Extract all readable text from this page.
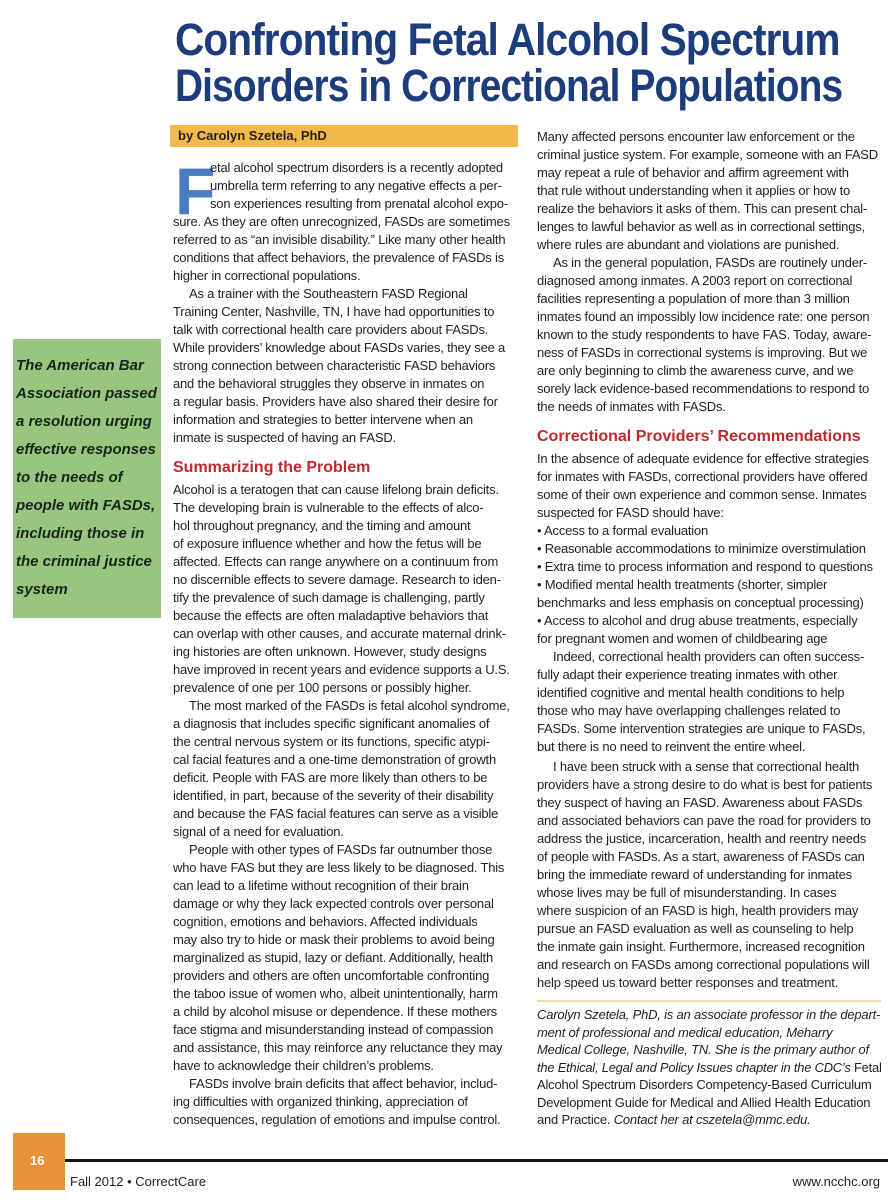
Confronting Fetal Alcohol Spectrum
Disorders in Correctional Populations
by Carolyn Szetela, PhD
The American Bar
Association passed
a resolution urging
effective responses
to the needs of
people with FASDs,
including those in
the criminal justice
system
F
etal alcohol spectrum disorders is a recently adopted
umbrella term referring to any negative effects a per-
son experiences resulting from prenatal alcohol expo-
sure. As they are often unrecognized, FASDs are sometimes
referred to as “an invisible disability.” Like many other health
conditions that affect behaviors, the prevalence of FASDs is
higher in correctional populations.
As a trainer with the Southeastern FASD Regional
Training Center, Nashville, TN, I have had opportunities to
talk with correctional health care providers about FASDs.
While providers’ knowledge about FASDs varies, they see a
strong connection between characteristic FASD behaviors
and the behavioral struggles they observe in inmates on
a regular basis. Providers have also shared their desire for
information and strategies to better intervene when an
inmate is suspected of having an FASD.
Summarizing the Problem
Alcohol is a teratogen that can cause lifelong brain deficits.
The developing brain is vulnerable to the effects of alco-
hol throughout pregnancy, and the timing and amount
of exposure influence whether and how the fetus will be
affected. Effects can range anywhere on a continuum from
no discernible effects to severe damage. Research to iden-
tify the prevalence of such damage is challenging, partly
because the effects are often maladaptive behaviors that
can overlap with other causes, and accurate maternal drink-
ing histories are often unknown. However, study designs
have improved in recent years and evidence supports a U.S.
prevalence of one per 100 persons or possibly higher.
The most marked of the FASDs is fetal alcohol syndrome,
a diagnosis that includes specific significant anomalies of
the central nervous system or its functions, specific atypi-
cal facial features and a one-time demonstration of growth
deficit. People with FAS are more likely than others to be
identified, in part, because of the severity of their disability
and because the FAS facial features can serve as a visible
signal of a need for evaluation.
People with other types of FASDs far outnumber those
who have FAS but they are less likely to be diagnosed. This
can lead to a lifetime without recognition of their brain
damage or why they lack expected controls over personal
cognition, emotions and behaviors. Affected individuals
may also try to hide or mask their problems to avoid being
marginalized as stupid, lazy or defiant. Additionally, health
providers and others are often uncomfortable confronting
the taboo issue of women who, albeit unintentionally, harm
a child by alcohol misuse or dependence. If these mothers
face stigma and misunderstanding instead of compassion
and assistance, this may reinforce any reluctance they may
have to acknowledge their children’s problems.
FASDs involve brain deficits that affect behavior, includ-
ing difficulties with organized thinking, appreciation of
consequences, regulation of emotions and impulse control.
Many affected persons encounter law enforcement or the
criminal justice system. For example, someone with an FASD
may repeat a rule of behavior and affirm agreement with
that rule without understanding when it applies or how to
realize the behaviors it asks of them. This can present chal-
lenges to lawful behavior as well as in correctional settings,
where rules are abundant and violations are punished.
As in the general population, FASDs are routinely under-
diagnosed among inmates. A 2003 report on correctional
facilities representing a population of more than 3 million
inmates found an impossibly low incidence rate: one person
known to the study respondents to have FAS. Today, aware-
ness of FASDs in correctional systems is improving. But we
are only beginning to climb the awareness curve, and we
sorely lack evidence-based recommendations to respond to
the needs of inmates with FASDs.
Correctional Providers’ Recommendations
In the absence of adequate evidence for effective strategies
for inmates with FASDs, correctional providers have offered
some of their own experience and common sense. Inmates
suspected for FASD should have:
• Access to a formal evaluation
• Reasonable accommodations to minimize overstimulation
• Extra time to process information and respond to questions
• Modified mental health treatments (shorter, simpler
benchmarks and less emphasis on conceptual processing)
• Access to alcohol and drug abuse treatments, especially
for pregnant women and women of childbearing age
Indeed, correctional health providers can often success-
fully adapt their experience treating inmates with other
identified cognitive and mental health conditions to help
those who may have overlapping challenges related to
FASDs. Some intervention strategies are unique to FASDs,
but there is no need to reinvent the entire wheel.
I have been struck with a sense that correctional health
providers have a strong desire to do what is best for patients
they suspect of having an FASD. Awareness about FASDs
and associated behaviors can pave the road for providers to
address the justice, incarceration, health and reentry needs
of people with FASDs. As a start, awareness of FASDs can
bring the immediate reward of understanding for inmates
whose lives may be full of misunderstanding. In cases
where suspicion of an FASD is high, health providers may
pursue an FASD evaluation as well as counseling to help
the inmate gain insight. Furthermore, increased recognition
and research on FASDs among correctional populations will
help speed us toward better responses and treatment.
Carolyn Szetela, PhD, is an associate professor in the depart-
ment of professional and medical education, Meharry
Medical College, Nashville, TN. She is the primary author of
the Ethical, Legal and Policy Issues chapter in the CDC’s Fetal
Alcohol Spectrum Disorders Competency-Based Curriculum
Development Guide for Medical and Allied Health Education
and Practice. Contact her at cszetela@mmc.edu.
16
Fall 2012 • CorrectCare	www.ncchc.org
